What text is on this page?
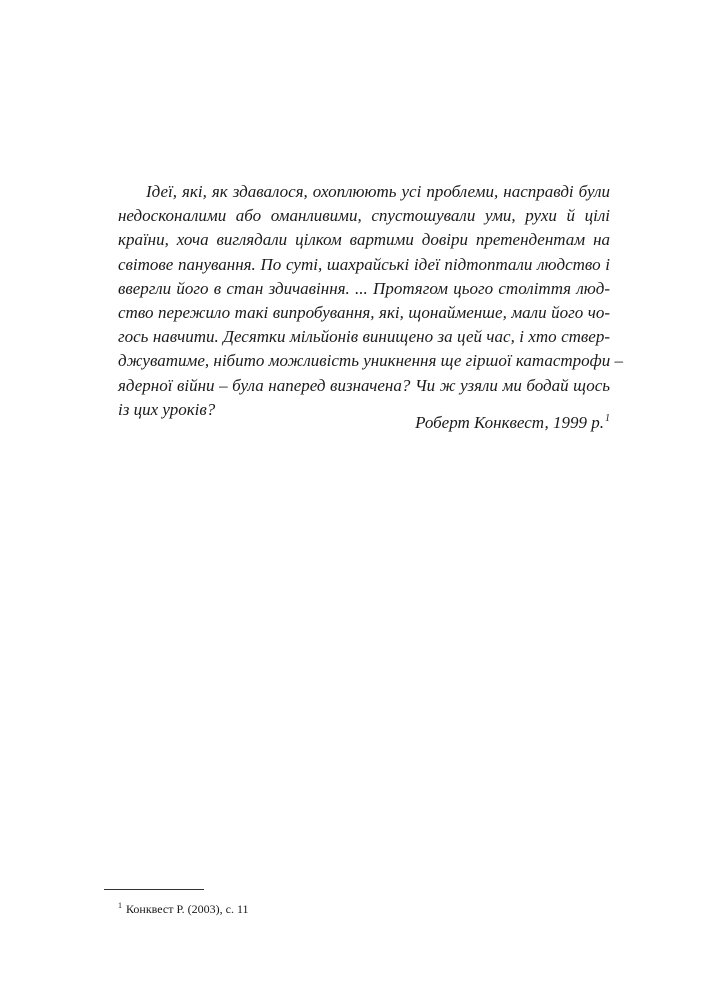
Ідеї, які, як здавалося, охоплюють усі проблеми, насправді були
недосконалими або оманливими, спустошували уми, рухи й цілі
країни, хоча виглядали цілком вартими довіри претендентам на
світове панування. По суті, шахрайські ідеї підтоптали людство і
ввергли його в стан здичавіння. ... Протягом цього століття люд-
ство пережило такі випробування, які, щонайменше, мали його чо-
гось навчити. Десятки мільйонів винищено за цей час, і хто ствер-
джуватиме, нібито можливість уникнення ще гіршої катастрофи –
ядерної війни – була наперед визначена? Чи ж узяли ми бодай щось
із цих уроків?
Роберт Конквест, 1999 р.$^1$
$^1$ Конквест Р. (2003), с. 11
